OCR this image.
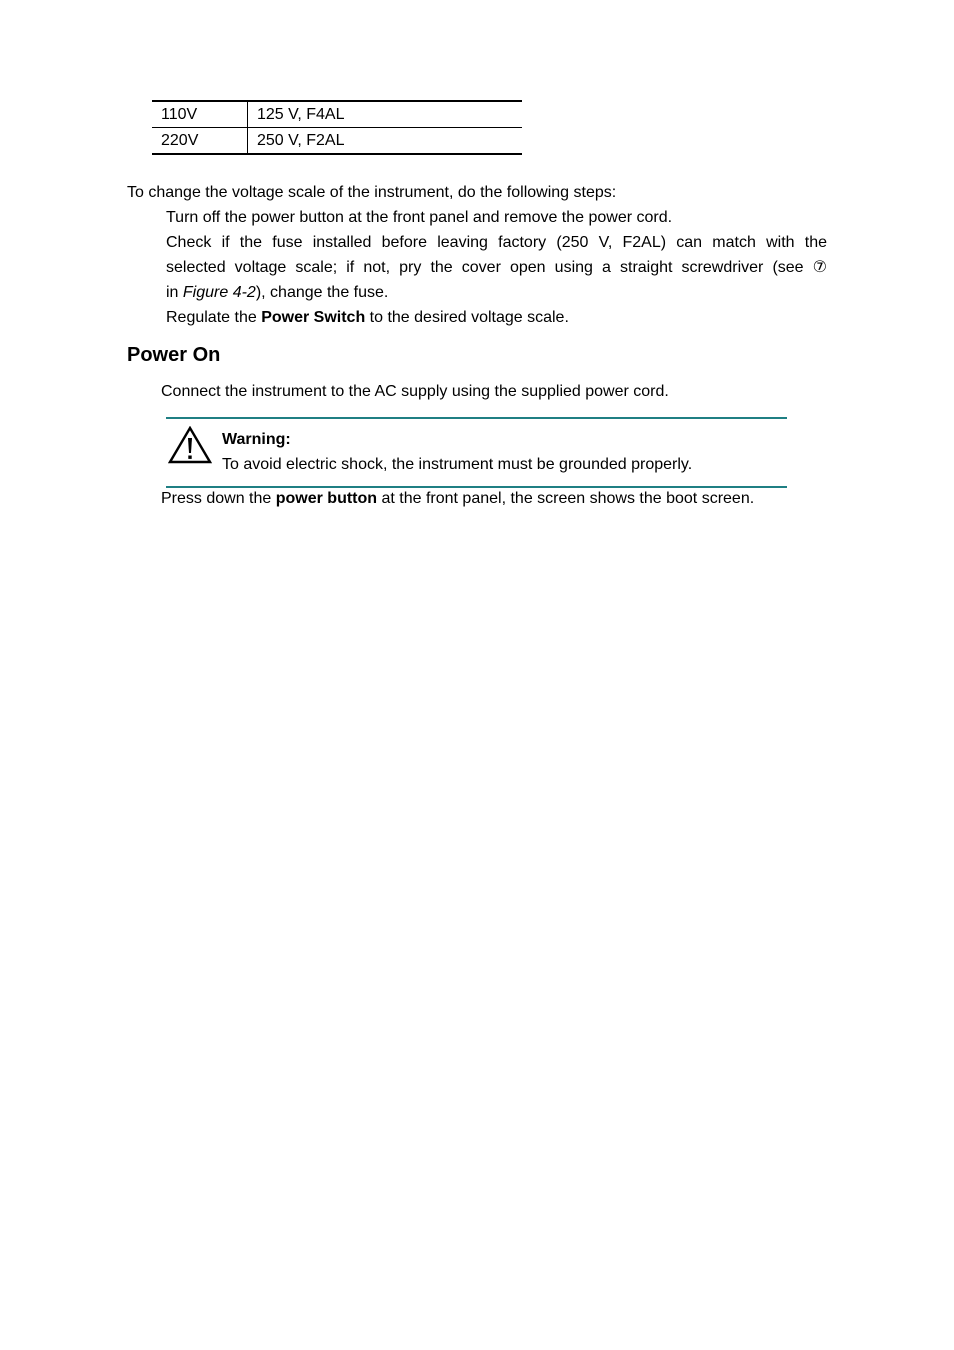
110V	125 V, F4AL
220V	250 V, F2AL
To change the voltage scale of the instrument, do the following steps:
Turn off the power button at the front panel and remove the power cord.
Check if the fuse installed before leaving factory (250 V, F2AL) can match with the
selected voltage scale; if not, pry the cover open using a straight screwdriver (see ⑦
in Figure 4-2), change the fuse.
Regulate the Power Switch to the desired voltage scale.
Power On
Connect the instrument to the AC supply using the supplied power cord.
Warning:
To avoid electric shock, the instrument must be grounded properly.
Press down the power button at the front panel, the screen shows the boot screen.
